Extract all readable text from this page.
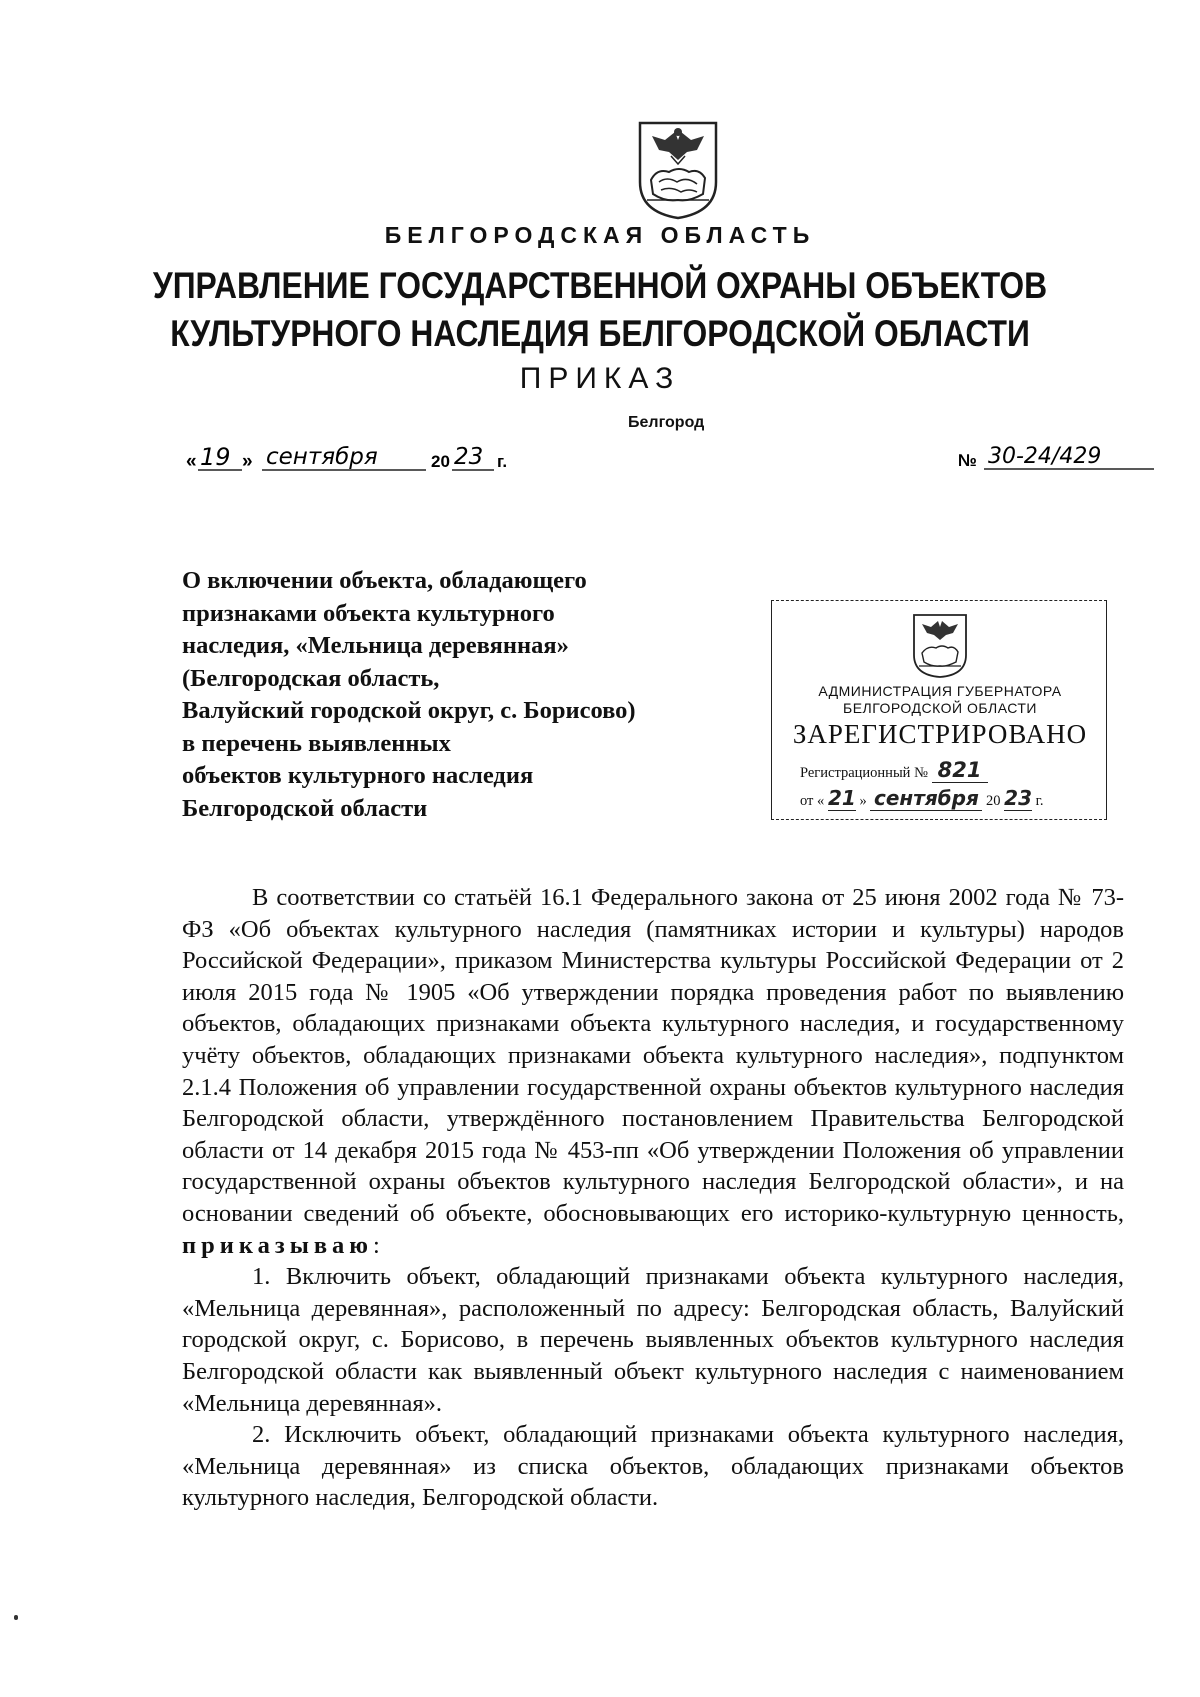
БЕЛГОРОДСКАЯ ОБЛАСТЬ
УПРАВЛЕНИЕ ГОСУДАРСТВЕННОЙ ОХРАНЫ ОБЪЕКТОВ
КУЛЬТУРНОГО НАСЛЕДИЯ БЕЛГОРОДСКОЙ ОБЛАСТИ
ПРИКАЗ
Белгород
« 19 » сентября	20 23 г.	№ 30-24/429
О включении объекта, обладающего
признаками объекта культурного
наследия, «Мельница деревянная»
(Белгородская область,
Валуйский городской округ, с. Борисово)
в перечень выявленных
объектов культурного наследия
Белгородской области
АДМИНИСТРАЦИЯ ГУБЕРНАТОРА
БЕЛГОРОДСКОЙ ОБЛАСТИ
ЗАРЕГИСТРИРОВАНО
Регистрационный № 821
от « 21 » сентября 20 23 г.

В соответствии со статьёй 16.1 Федерального закона от 25 июня 2002 года № 73-ФЗ «Об объектах культурного наследия (памятниках истории и культуры) народов Российской Федерации», приказом Министерства культуры Российской Федерации от 2 июля 2015 года № 1905 «Об утверждении порядка проведения работ по выявлению объектов, обладающих признаками объекта культурного наследия, и государственному учёту объектов, обладающих признаками объекта культурного наследия», подпунктом 2.1.4 Положения об управлении государственной охраны объектов культурного наследия Белгородской области, утверждённого постановлением Правительства Белгородской области от 14 декабря 2015 года № 453-пп «Об утверждении Положения об управлении государственной охраны объектов культурного наследия Белгородской области», и на основании сведений об объекте, обосновывающих его историко-культурную ценность, приказываю:

1. Включить объект, обладающий признаками объекта культурного наследия, «Мельница деревянная», расположенный по адресу: Белгородская область, Валуйский городской округ, с. Борисово, в перечень выявленных объектов культурного наследия Белгородской области как выявленный объект культурного наследия с наименованием «Мельница деревянная».

2. Исключить объект, обладающий признаками объекта культурного наследия, «Мельница деревянная» из списка объектов, обладающих признаками объектов культурного наследия, Белгородской области.
